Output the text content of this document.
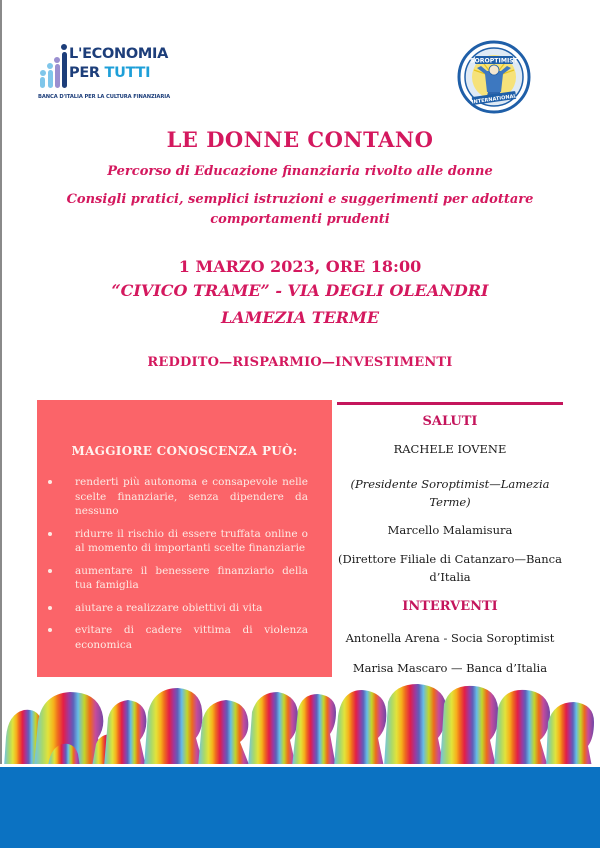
L'ECONOMIA
PER TUTTI
BANCA D'ITALIA PER LA CULTURA FINANZIARIA
SOROPTIMIST
INTERNATIONAL
LE DONNE CONTANO
Percorso di Educazione finanziaria rivolto alle donne
Consigli pratici, semplici istruzioni e suggerimenti per adottare comportamenti prudenti
1 MARZO 2023, ORE 18:00
“CIVICO TRAME” - VIA DEGLI OLEANDRI
LAMEZIA TERME
REDDITO—RISPARMIO—INVESTIMENTI
MAGGIORE CONOSCENZA PUÒ:
renderti più autonoma e consapevole nelle scelte finanziarie, senza dipendere da nessuno
ridurre il rischio di essere truffata online o al momento di importanti scelte finanziarie
aumentare il benessere finanziario della tua famiglia
aiutare a realizzare obiettivi di vita
evitare di cadere vittima di violenza economica
SALUTI
RACHELE IOVENE
(Presidente Soroptimist—Lamezia Terme)
Marcello Malamisura
(Direttore Filiale di Catanzaro—Banca d’Italia
INTERVENTI
Antonella Arena - Socia Soroptimist
Marisa Mascaro — Banca d’Italia
